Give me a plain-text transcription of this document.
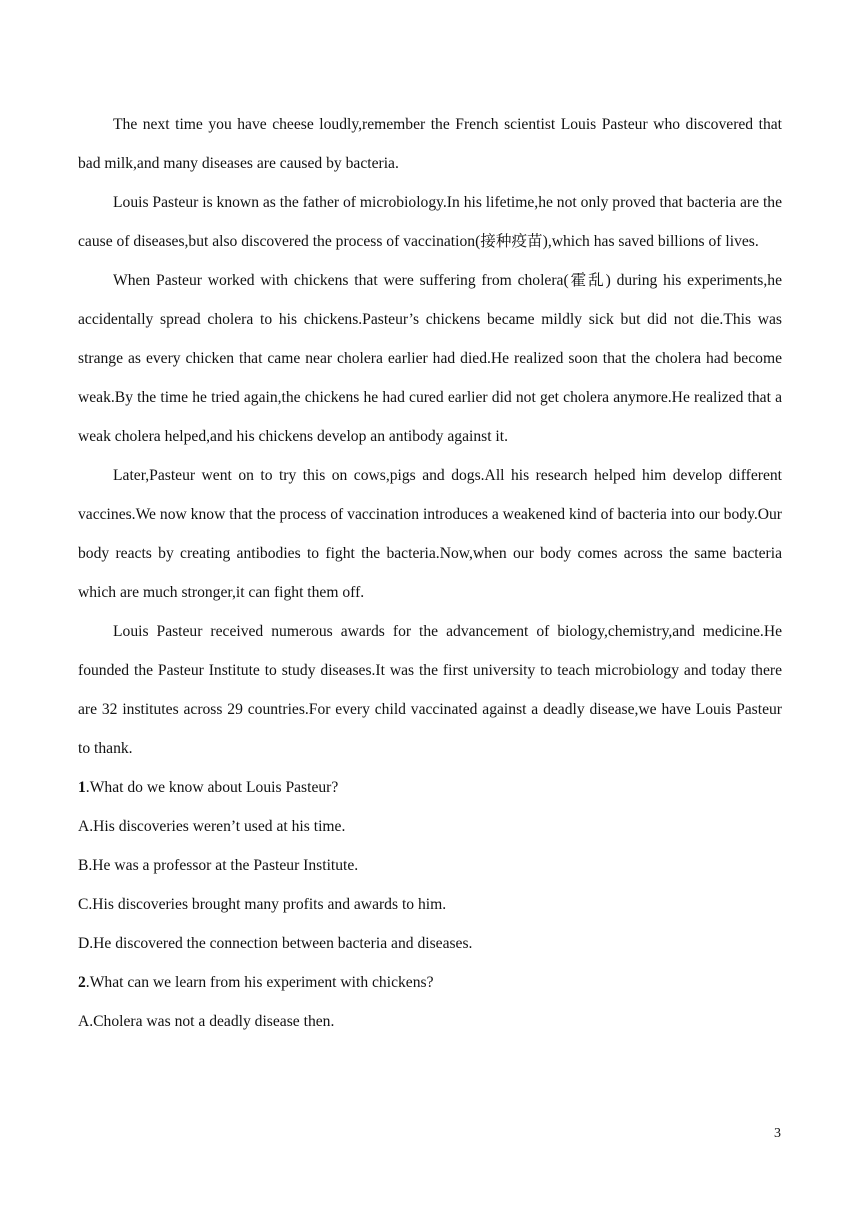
The next time you have cheese loudly,remember the French scientist Louis Pasteur who discovered that bad milk,and many diseases are caused by bacteria.

Louis Pasteur is known as the father of microbiology.In his lifetime,he not only proved that bacteria are the cause of diseases,but also discovered the process of vaccination(接种疫苗),which has saved billions of lives.

When Pasteur worked with chickens that were suffering from cholera(霍乱) during his experiments,he accidentally spread cholera to his chickens.Pasteur’s chickens became mildly sick but did not die.This was strange as every chicken that came near cholera earlier had died.He realized soon that the cholera had become weak.By the time he tried again,the chickens he had cured earlier did not get cholera anymore.He realized that a weak cholera helped,and his chickens develop an antibody against it.

Later,Pasteur went on to try this on cows,pigs and dogs.All his research helped him develop different vaccines.We now know that the process of vaccination introduces a weakened kind of bacteria into our body.Our body reacts by creating antibodies to fight the bacteria.Now,when our body comes across the same bacteria which are much stronger,it can fight them off.

Louis Pasteur received numerous awards for the advancement of biology,chemistry,and medicine.He founded the Pasteur Institute to study diseases.It was the first university to teach microbiology and today there are 32 institutes across 29 countries.For every child vaccinated against a deadly disease,we have Louis Pasteur to thank.

1.What do we know about Louis Pasteur?

A.His discoveries weren’t used at his time.

B.He was a professor at the Pasteur Institute.

C.His discoveries brought many profits and awards to him.

D.He discovered the connection between bacteria and diseases.

2.What can we learn from his experiment with chickens?

A.Cholera was not a deadly disease then.

3
